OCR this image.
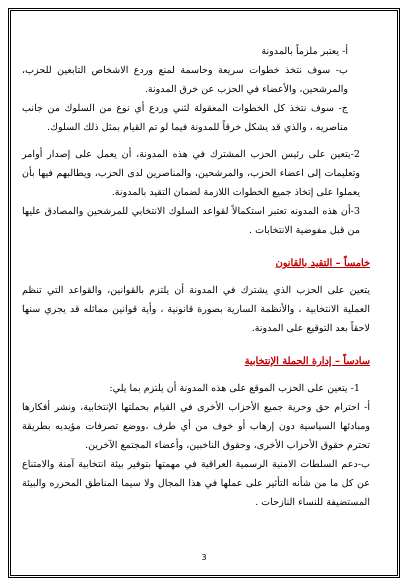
أ- يعتبر ملزماً بالمدونة

ب- سوف نتخذ خطوات سريعة وحاسمة لمنع وردع الاشخاص التابعين للحزب، والمرشحين، والأعضاء في الحزب عن خرق المدونة.

ج- سوف نتخذ كل الخطوات المعقولة لثني وردع أي نوع من السلوك من جانب مناصريه ، والذي قد يشكل خرقاً للمدونة فيما لو تم القيام بمثل ذلك السلوك.

2-يتعين على رئيس الحزب المشترك في هذه المدونة، أن يعمل على إصدار أوامر وتعليمات إلى اعضاء الحزب، والمرشحين، والمناصرين لدى الحزب، ويطالبهم فيها بأن يعملوا على إتخاذ جميع الخطوات اللازمة لضمان التقيد بالمدونة.

3-أن هذه المدونه تعتبر استكمالاً لقواعد السلوك الانتخابي للمرشحين والمصادق عليها من قبل مفوضية الانتخابات .

خامساً – التقيد بالقانون

يتعين على الحزب الذي يشترك في المدونة أن يلتزم بالقوانين، والقواعد التي تنظم العملية الانتخابية ، والأنظمة السارية بصورة قانونية ، وأية قوانين مماثله قد يجري سنها لاحقاً بعد التوقيع على المدونة.

سادساً – إدارة الحملة الإنتخابية

1- يتعين على الحزب الموقع على هذه المدونة أن يلتزم بما يلي:

أ- احترام حق وحرية جميع الأحزاب الأخرى في القيام بحملتها الإنتخابية، ونشر أفكارها ومبادئها السياسية دون إرهاب أو خوف من أي طرف ،ووضع تصرفات مؤيديه بطريقة تحترم حقوق الأحزاب الأخرى، وحقوق الناخبين، وأعضاء المجتمع الآخرين.

ب-دعم السلطات الامنية الرسمية العراقية في مهمتها بتوفير بيئة انتخابية آمنة والامتناع عن كل ما من شأنه التأثير على عملها في هذا المجال ولا سيما المناطق المحرره والبيئة المستضيفة للنساء النازحات .

3
